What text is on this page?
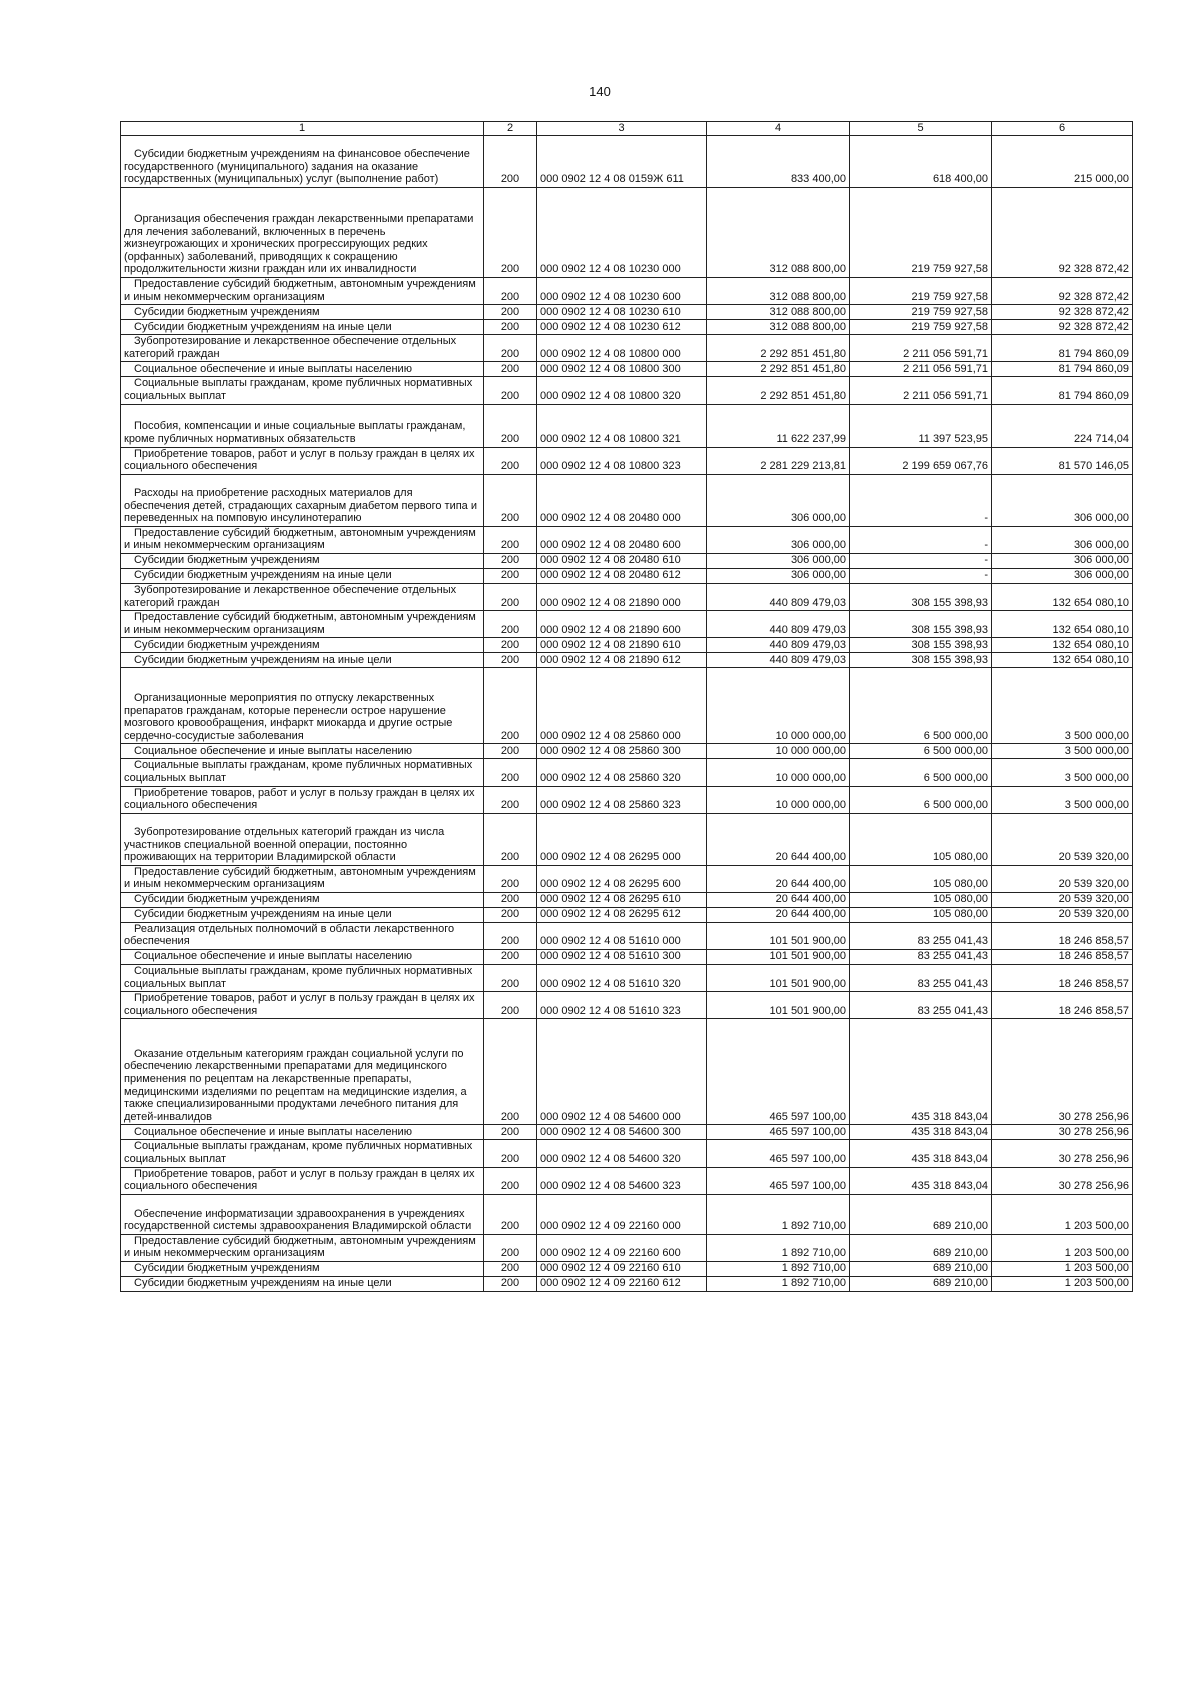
140
1	2	3	4	5	6

Субсидии бюджетным учреждениям на финансовое обеспечение государственного (муниципального) задания на оказание государственных (муниципальных) услуг (выполнение работ)	200	000 0902 12 4 08 0159Ж 611	833 400,00	618 400,00	215 000,00

Организация обеспечения граждан лекарственными препаратами для лечения заболеваний, включенных в перечень жизнеугрожающих и хронических прогрессирующих редких (орфанных) заболеваний, приводящих к сокращению продолжительности жизни граждан или их инвалидности	200	000 0902 12 4 08 10230 000	312 088 800,00	219 759 927,58	92 328 872,42

Предоставление субсидий бюджетным, автономным учреждениям и иным некоммерческим организациям	200	000 0902 12 4 08 10230 600	312 088 800,00	219 759 927,58	92 328 872,42

Субсидии бюджетным учреждениям	200	000 0902 12 4 08 10230 610	312 088 800,00	219 759 927,58	92 328 872,42

Субсидии бюджетным учреждениям на иные цели	200	000 0902 12 4 08 10230 612	312 088 800,00	219 759 927,58	92 328 872,42

Зубопротезирование и лекарственное обеспечение отдельных категорий граждан	200	000 0902 12 4 08 10800 000	2 292 851 451,80	2 211 056 591,71	81 794 860,09

Социальное обеспечение и иные выплаты населению	200	000 0902 12 4 08 10800 300	2 292 851 451,80	2 211 056 591,71	81 794 860,09

Социальные выплаты гражданам, кроме публичных нормативных социальных выплат	200	000 0902 12 4 08 10800 320	2 292 851 451,80	2 211 056 591,71	81 794 860,09

Пособия, компенсации и иные социальные выплаты гражданам, кроме публичных нормативных обязательств	200	000 0902 12 4 08 10800 321	11 622 237,99	11 397 523,95	224 714,04

Приобретение товаров, работ и услуг в пользу граждан в целях их социального обеспечения	200	000 0902 12 4 08 10800 323	2 281 229 213,81	2 199 659 067,76	81 570 146,05

Расходы на приобретение расходных материалов для обеспечения детей, страдающих сахарным диабетом первого типа и переведенных на помповую инсулинотерапию	200	000 0902 12 4 08 20480 000	306 000,00	-	306 000,00

Предоставление субсидий бюджетным, автономным учреждениям и иным некоммерческим организациям	200	000 0902 12 4 08 20480 600	306 000,00	-	306 000,00

Субсидии бюджетным учреждениям	200	000 0902 12 4 08 20480 610	306 000,00	-	306 000,00

Субсидии бюджетным учреждениям на иные цели	200	000 0902 12 4 08 20480 612	306 000,00	-	306 000,00

Зубопротезирование и лекарственное обеспечение отдельных категорий граждан	200	000 0902 12 4 08 21890 000	440 809 479,03	308 155 398,93	132 654 080,10

Предоставление субсидий бюджетным, автономным учреждениям и иным некоммерческим организациям	200	000 0902 12 4 08 21890 600	440 809 479,03	308 155 398,93	132 654 080,10

Субсидии бюджетным учреждениям	200	000 0902 12 4 08 21890 610	440 809 479,03	308 155 398,93	132 654 080,10

Субсидии бюджетным учреждениям на иные цели	200	000 0902 12 4 08 21890 612	440 809 479,03	308 155 398,93	132 654 080,10

Организационные мероприятия по отпуску лекарственных препаратов гражданам, которые перенесли острое нарушение мозгового кровообращения, инфаркт миокарда и другие острые сердечно-сосудистые заболевания	200	000 0902 12 4 08 25860 000	10 000 000,00	6 500 000,00	3 500 000,00

Социальное обеспечение и иные выплаты населению	200	000 0902 12 4 08 25860 300	10 000 000,00	6 500 000,00	3 500 000,00

Социальные выплаты гражданам, кроме публичных нормативных социальных выплат	200	000 0902 12 4 08 25860 320	10 000 000,00	6 500 000,00	3 500 000,00

Приобретение товаров, работ и услуг в пользу граждан в целях их социального обеспечения	200	000 0902 12 4 08 25860 323	10 000 000,00	6 500 000,00	3 500 000,00

Зубопротезирование отдельных категорий граждан из числа участников специальной военной операции, постоянно проживающих на территории Владимирской области	200	000 0902 12 4 08 26295 000	20 644 400,00	105 080,00	20 539 320,00

Предоставление субсидий бюджетным, автономным учреждениям и иным некоммерческим организациям	200	000 0902 12 4 08 26295 600	20 644 400,00	105 080,00	20 539 320,00

Субсидии бюджетным учреждениям	200	000 0902 12 4 08 26295 610	20 644 400,00	105 080,00	20 539 320,00

Субсидии бюджетным учреждениям на иные цели	200	000 0902 12 4 08 26295 612	20 644 400,00	105 080,00	20 539 320,00

Реализация отдельных полномочий в области лекарственного обеспечения	200	000 0902 12 4 08 51610 000	101 501 900,00	83 255 041,43	18 246 858,57

Социальное обеспечение и иные выплаты населению	200	000 0902 12 4 08 51610 300	101 501 900,00	83 255 041,43	18 246 858,57

Социальные выплаты гражданам, кроме публичных нормативных социальных выплат	200	000 0902 12 4 08 51610 320	101 501 900,00	83 255 041,43	18 246 858,57

Приобретение товаров, работ и услуг в пользу граждан в целях их социального обеспечения	200	000 0902 12 4 08 51610 323	101 501 900,00	83 255 041,43	18 246 858,57

Оказание отдельным категориям граждан социальной услуги по обеспечению лекарственными препаратами для медицинского применения по рецептам на лекарственные препараты, медицинскими изделиями по рецептам на медицинские изделия, а также специализированными продуктами лечебного питания для детей-инвалидов	200	000 0902 12 4 08 54600 000	465 597 100,00	435 318 843,04	30 278 256,96

Социальное обеспечение и иные выплаты населению	200	000 0902 12 4 08 54600 300	465 597 100,00	435 318 843,04	30 278 256,96

Социальные выплаты гражданам, кроме публичных нормативных социальных выплат	200	000 0902 12 4 08 54600 320	465 597 100,00	435 318 843,04	30 278 256,96

Приобретение товаров, работ и услуг в пользу граждан в целях их социального обеспечения	200	000 0902 12 4 08 54600 323	465 597 100,00	435 318 843,04	30 278 256,96

Обеспечение информатизации здравоохранения в учреждениях государственной системы здравоохранения Владимирской области	200	000 0902 12 4 09 22160 000	1 892 710,00	689 210,00	1 203 500,00

Предоставление субсидий бюджетным, автономным учреждениям и иным некоммерческим организациям	200	000 0902 12 4 09 22160 600	1 892 710,00	689 210,00	1 203 500,00

Субсидии бюджетным учреждениям	200	000 0902 12 4 09 22160 610	1 892 710,00	689 210,00	1 203 500,00

Субсидии бюджетным учреждениям на иные цели	200	000 0902 12 4 09 22160 612	1 892 710,00	689 210,00	1 203 500,00
